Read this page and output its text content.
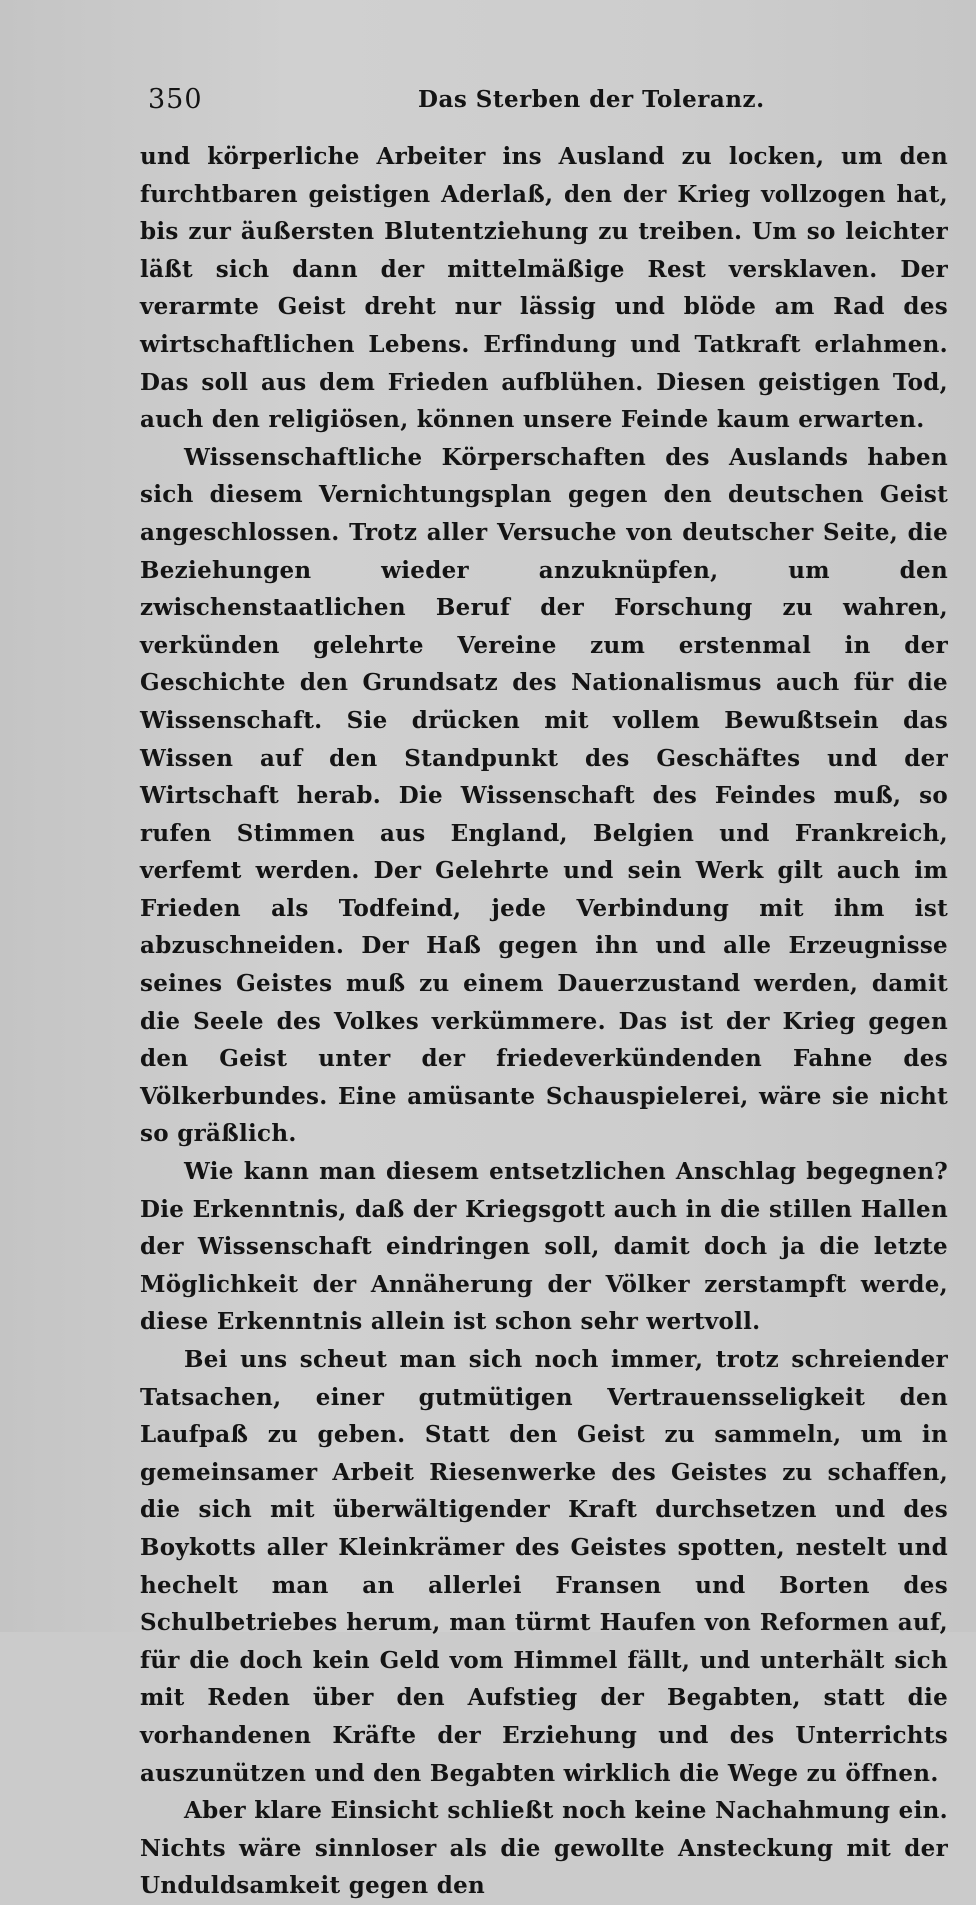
350	Das Sterben der Toleranz.

und körperliche Arbeiter ins Ausland zu locken, um den furchtbaren geistigen Aderlaß, den der Krieg vollzogen hat, bis zur äußersten Blutentziehung zu treiben. Um so leichter läßt sich dann der mittelmäßige Rest versklaven. Der verarmte Geist dreht nur lässig und blöde am Rad des wirtschaftlichen Lebens. Erfindung und Tatkraft erlahmen. Das soll aus dem Frieden aufblühen. Diesen geistigen Tod, auch den religiösen, können unsere Feinde kaum erwarten.

Wissenschaftliche Körperschaften des Auslands haben sich diesem Vernichtungsplan gegen den deutschen Geist angeschlossen. Trotz aller Versuche von deutscher Seite, die Beziehungen wieder anzuknüpfen, um den zwischenstaatlichen Beruf der Forschung zu wahren, verkünden gelehrte Vereine zum erstenmal in der Geschichte den Grundsatz des Nationalismus auch für die Wissenschaft. Sie drücken mit vollem Bewußtsein das Wissen auf den Standpunkt des Geschäftes und der Wirtschaft herab. Die Wissenschaft des Feindes muß, so rufen Stimmen aus England, Belgien und Frankreich, verfemt werden. Der Gelehrte und sein Werk gilt auch im Frieden als Todfeind, jede Verbindung mit ihm ist abzuschneiden. Der Haß gegen ihn und alle Erzeugnisse seines Geistes muß zu einem Dauerzustand werden, damit die Seele des Volkes verkümmere. Das ist der Krieg gegen den Geist unter der friedeverkündenden Fahne des Völkerbundes. Eine amüsante Schauspielerei, wäre sie nicht so gräßlich.

Wie kann man diesem entsetzlichen Anschlag begegnen? Die Erkenntnis, daß der Kriegsgott auch in die stillen Hallen der Wissenschaft eindringen soll, damit doch ja die letzte Möglichkeit der Annäherung der Völker zerstampft werde, diese Erkenntnis allein ist schon sehr wertvoll.

Bei uns scheut man sich noch immer, trotz schreiender Tatsachen, einer gutmütigen Vertrauensseligkeit den Laufpaß zu geben. Statt den Geist zu sammeln, um in gemeinsamer Arbeit Riesenwerke des Geistes zu schaffen, die sich mit überwältigender Kraft durchsetzen und des Boykotts aller Kleinkrämer des Geistes spotten, nestelt und hechelt man an allerlei Fransen und Borten des Schulbetriebes herum, man türmt Haufen von Reformen auf, für die doch kein Geld vom Himmel fällt, und unterhält sich mit Reden über den Aufstieg der Begabten, statt die vorhandenen Kräfte der Erziehung und des Unterrichts auszunützen und den Begabten wirklich die Wege zu öffnen.

Aber klare Einsicht schließt noch keine Nachahmung ein. Nichts wäre sinnloser als die gewollte Ansteckung mit der Unduldsamkeit gegen den
